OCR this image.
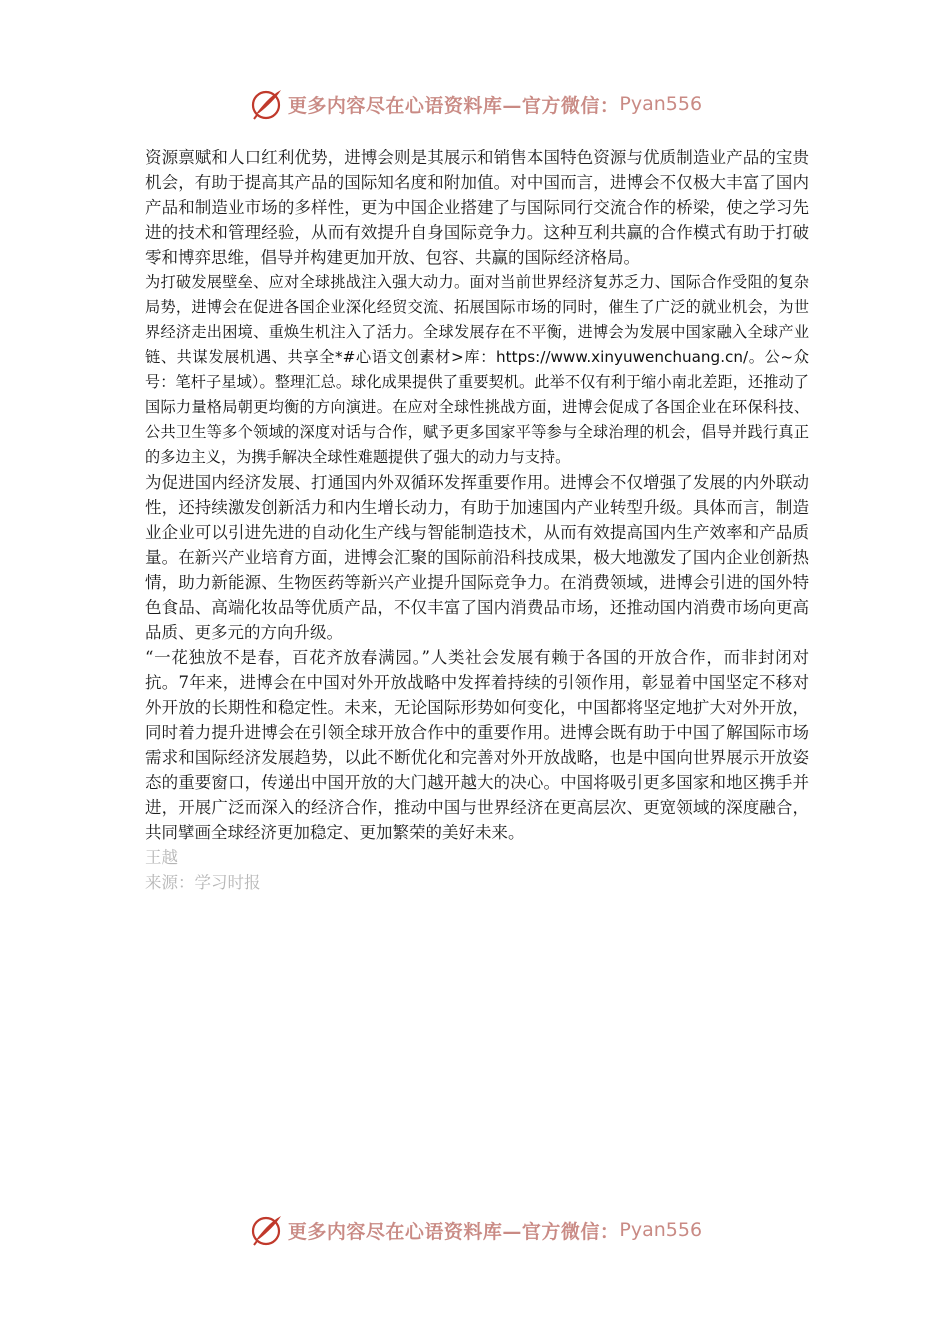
更多内容尽在心语资料库—官方微信： Pyan556

资源禀赋和人口红利优势，进博会则是其展示和销售本国特色资源与优质制造业产品的宝贵机会，有助于提高其产品的国际知名度和附加值。对中国而言，进博会不仅极大丰富了国内产品和制造业市场的多样性，更为中国企业搭建了与国际同行交流合作的桥梁，使之学习先进的技术和管理经验，从而有效提升自身国际竞争力。这种互利共赢的合作模式有助于打破零和博弈思维，倡导并构建更加开放、包容、共赢的国际经济格局。

为打破发展壁垒、应对全球挑战注入强大动力。面对当前世界经济复苏乏力、国际合作受阻的复杂局势，进博会在促进各国企业深化经贸交流、拓展国际市场的同时，催生了广泛的就业机会，为世界经济走出困境、重焕生机注入了活力。全球发展存在不平衡，进博会为发展中国家融入全球产业链、共谋发展机遇、共享全*#心语文创素材>库：https://www.xinyuwenchuang.cn/。公~众号：笔杆子星域）。整理汇总。球化成果提供了重要契机。此举不仅有利于缩小南北差距，还推动了国际力量格局朝更均衡的方向演进。在应对全球性挑战方面，进博会促成了各国企业在环保科技、公共卫生等多个领域的深度对话与合作，赋予更多国家平等参与全球治理的机会，倡导并践行真正的多边主义，为携手解决全球性难题提供了强大的动力与支持。

为促进国内经济发展、打通国内外双循环发挥重要作用。进博会不仅增强了发展的内外联动性，还持续激发创新活力和内生增长动力，有助于加速国内产业转型升级。具体而言，制造业企业可以引进先进的自动化生产线与智能制造技术，从而有效提高国内生产效率和产品质量。在新兴产业培育方面，进博会汇聚的国际前沿科技成果，极大地激发了国内企业创新热情，助力新能源、生物医药等新兴产业提升国际竞争力。在消费领域，进博会引进的国外特色食品、高端化妆品等优质产品，不仅丰富了国内消费品市场，还推动国内消费市场向更高品质、更多元的方向升级。

“一花独放不是春，百花齐放春满园。”人类社会发展有赖于各国的开放合作，而非封闭对抗。7年来，进博会在中国对外开放战略中发挥着持续的引领作用，彰显着中国坚定不移对外开放的长期性和稳定性。未来，无论国际形势如何变化，中国都将坚定地扩大对外开放，同时着力提升进博会在引领全球开放合作中的重要作用。进博会既有助于中国了解国际市场需求和国际经济发展趋势，以此不断优化和完善对外开放战略，也是中国向世界展示开放姿态的重要窗口，传递出中国开放的大门越开越大的决心。中国将吸引更多国家和地区携手并进，开展广泛而深入的经济合作，推动中国与世界经济在更高层次、更宽领域的深度融合，共同擘画全球经济更加稳定、更加繁荣的美好未来。

王越

来源：学习时报

更多内容尽在心语资料库—官方微信： Pyan556
